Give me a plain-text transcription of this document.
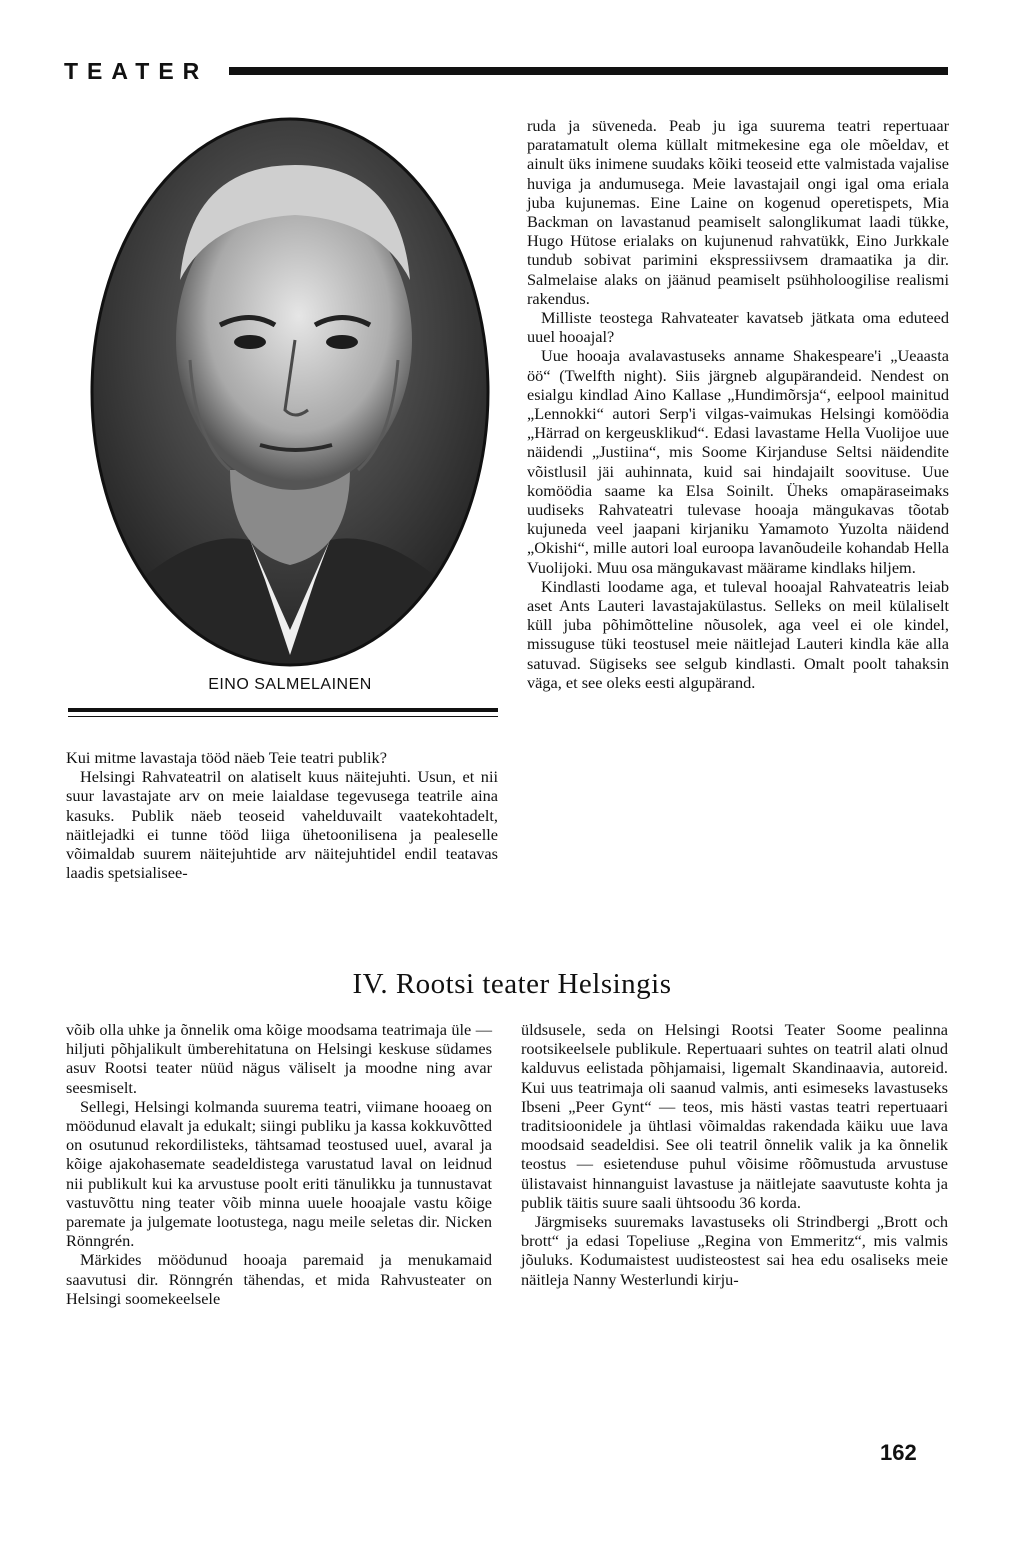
TEATER
EINO SALMELAINEN

Kui mitme lavastaja tööd näeb Teie teatri publik?

Helsingi Rahvateatril on alatiselt kuus näitejuhti. Usun, et nii suur lavastajate arv on meie laialdase tegevusega teatrile aina kasuks. Publik näeb teoseid vahelduvailt vaatekohtadelt, näitlejadki ei tunne tööd liiga ühetoonilisena ja pealeselle võimaldab suurem näitejuhtide arv näitejuhtidel endil teatavas laadis spetsialisee-

ruda ja süveneda. Peab ju iga suurema teatri repertuaar paratamatult olema küllalt mitmekesine ega ole mõeldav, et ainult üks inimene suudaks kõiki teoseid ette valmistada vajalise huviga ja andumusega. Meie lavastajail ongi igal oma eriala juba kujunemas. Eine Laine on kogenud operetispets, Mia Backman on lavastanud peamiselt salonglikumat laadi tükke, Hugo Hütose erialaks on kujunenud rahvatükk, Eino Jurkkale tundub sobivat parimini ekspressiivsem dramaatika ja dir. Salmelaise alaks on jäänud peamiselt psühholoogilise realismi rakendus.

Milliste teostega Rahvateater kavatseb jätkata oma eduteed uuel hooajal?

Uue hooaja avalavastuseks anname Shakespeare'i „Ueaasta öö“ (Twelfth night). Siis järgneb algupärandeid. Nendest on esialgu kindlad Aino Kallase „Hundimõrsja“, eelpool mainitud „Lennokki“ autori Serp'i vilgas-vaimukas Helsingi komöödia „Härrad on kergeusklikud“. Edasi lavastame Hella Vuolijoe uue näidendi „Justiina“, mis Soome Kirjanduse Seltsi näidendite võistlusil jäi auhinnata, kuid sai hindajailt soovituse. Uue komöödia saame ka Elsa Soinilt. Üheks omapäraseimaks uudiseks Rahvateatri tulevase hooaja mängukavas tõotab kujuneda veel jaapani kirjaniku Yamamoto Yuzolta näidend „Okishi“, mille autori loal euroopa lavanõudeile kohandab Hella Vuolijoki. Muu osa mängukavast määrame kindlaks hiljem.

Kindlasti loodame aga, et tuleval hooajal Rahvateatris leiab aset Ants Lauteri lavastajakülastus. Selleks on meil külaliselt küll juba põhimõtteline nõusolek, aga veel ei ole kindel, missuguse tüki teostusel meie näitlejad Lauteri kindla käe alla satuvad. Sügiseks see selgub kindlasti. Omalt poolt tahaksin väga, et see oleks eesti algupärand.

IV. Rootsi teater Helsingis

võib olla uhke ja õnnelik oma kõige moodsama teatrimaja üle — hiljuti põhjalikult ümberehitatuna on Helsingi keskuse südames asuv Rootsi teater nüüd nägus väliselt ja moodne ning avar seesmiselt.

Sellegi, Helsingi kolmanda suurema teatri, viimane hooaeg on möödunud elavalt ja edukalt; siingi publiku ja kassa kokkuvõtted on osutunud rekordilisteks, tähtsamad teostused uuel, avaral ja kõige ajakohasemate seadeldistega varustatud laval on leidnud nii publikult kui ka arvustuse poolt eriti tänulikku ja tunnustavat vastuvõttu ning teater võib minna uuele hooajale vastu kõige paremate ja julgemate lootustega, nagu meile seletas dir. Nicken Rönngrén.

Märkides möödunud hooaja paremaid ja menukamaid saavutusi dir. Rönngrén tähendas, et mida Rahvusteater on Helsingi soomekeelsele

üldsusele, seda on Helsingi Rootsi Teater Soome pealinna rootsikeelsele publikule. Repertuaari suhtes on teatril alati olnud kalduvus eelistada põhjamaisi, ligemalt Skandinaavia, autoreid. Kui uus teatrimaja oli saanud valmis, anti esimeseks lavastuseks Ibseni „Peer Gynt“ — teos, mis hästi vastas teatri repertuaari traditsioonidele ja ühtlasi võimaldas rakendada käiku uue lava moodsaid seadeldisi. See oli teatril õnnelik valik ja ka õnnelik teostus — esietenduse puhul võisime rõõmustuda arvustuse ülistavaist hinnanguist lavastuse ja näitlejate saavutuste kohta ja publik täitis suure saali ühtsoodu 36 korda.

Järgmiseks suuremaks lavastuseks oli Strindbergi „Brott och brott“ ja edasi Topeliuse „Regina von Emmeritz“, mis valmis jõuluks. Kodumaistest uudisteostest sai hea edu osaliseks meie näitleja Nanny Westerlundi kirju-

162
